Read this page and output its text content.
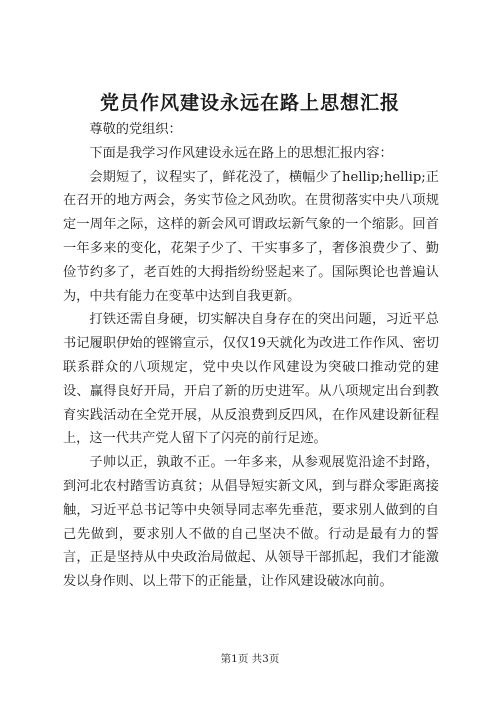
党员作风建设永远在路上思想汇报

尊敬的党组织：

下面是我学习作风建设永远在路上的思想汇报内容：

会期短了，议程实了，鲜花没了，横幅少了hellip;hellip;正在召开的地方两会，务实节俭之风劲吹。在贯彻落实中央八项规定一周年之际，这样的新会风可谓政坛新气象的一个缩影。回首一年多来的变化，花架子少了、干实事多了，奢侈浪费少了、勤俭节约多了，老百姓的大拇指纷纷竖起来了。国际舆论也普遍认为，中共有能力在变革中达到自我更新。

打铁还需自身硬，切实解决自身存在的突出问题，习近平总书记履职伊始的铿锵宣示，仅仅19天就化为改进工作作风、密切联系群众的八项规定，党中央以作风建设为突破口推动党的建设、赢得良好开局，开启了新的历史进军。从八项规定出台到教育实践活动在全党开展，从反浪费到反四风，在作风建设新征程上，这一代共产党人留下了闪亮的前行足迹。

子帅以正，孰敢不正。一年多来，从参观展览沿途不封路，到河北农村踏雪访真贫；从倡导短实新文风，到与群众零距离接触，习近平总书记等中央领导同志率先垂范，要求别人做到的自己先做到，要求别人不做的自己坚决不做。行动是最有力的誓言，正是坚持从中央政治局做起、从领导干部抓起，我们才能激发以身作则、以上带下的正能量，让作风建设破冰向前。

第1页 共3页
